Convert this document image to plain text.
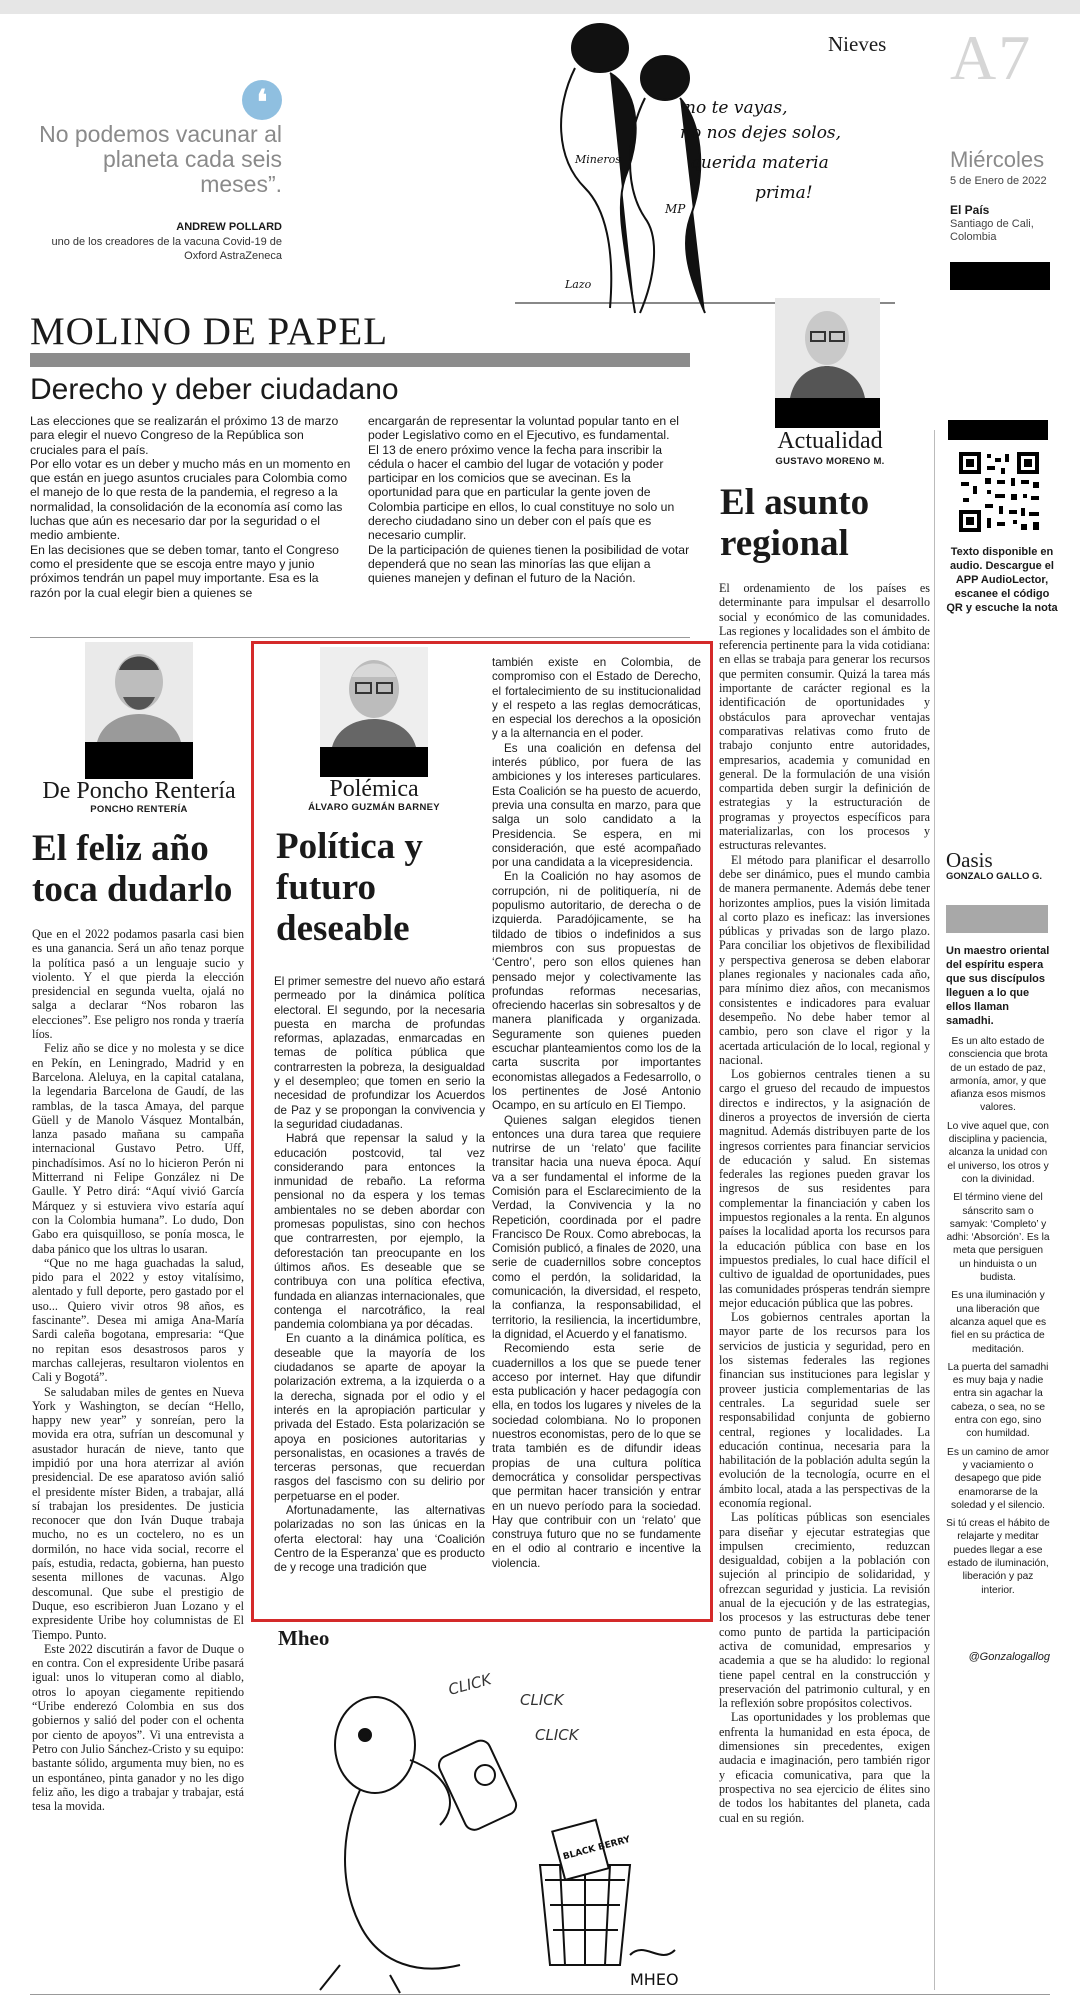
❛
No podemos vacunar al planeta cada seis meses”.
ANDREW POLLARD
uno de los creadores de la vacuna Covid-19 de Oxford AstraZeneca
Mineros
MP
Lazo
no te vayas,
no nos dejes solos,
querida materia
prima!
Nieves A7
Miércoles
5 de Enero de 2022
El País
Santiago de Cali, Colombia
MOLINO DE PAPEL
Derecho y deber ciudadano

Las elecciones que se realizarán el próximo 13 de marzo para elegir el nuevo Congreso de la República son cruciales para el país.

Por ello votar es un deber y mucho más en un momento en que están en juego asuntos cruciales para Colombia como el manejo de lo que resta de la pandemia, el regreso a la normalidad, la consolidación de la economía así como las luchas que aún es necesario dar por la seguridad o el medio ambiente.

En las decisiones que se deben tomar, tanto el Congreso como el presidente que se escoja entre mayo y junio próximos tendrán un papel muy importante. Esa es la razón por la cual elegir bien a quienes se

encargarán de representar la voluntad popular tanto en el poder Legislativo como en el Ejecutivo, es fundamental.

El 13 de enero próximo vence la fecha para inscribir la cédula o hacer el cambio del lugar de votación y poder participar en los comicios que se avecinan. Es la oportunidad para que en particular la gente joven de Colombia participe en ellos, lo cual constituye no solo un derecho ciudadano sino un deber con el país que es necesario cumplir.

De la participación de quienes tienen la posibilidad de votar dependerá que no sean las minorías las que elijan a quienes manejen y definan el futuro de la Nación.

Actualidad
GUSTAVO MORENO M.
El asunto regional

El ordenamiento de los países es determinante para impulsar el desarrollo social y económico de las comunidades. Las regiones y localidades son el ámbito de referencia pertinente para la vida cotidiana: en ellas se trabaja para generar los recursos que permiten consumir. Quizá la tarea más importante de carácter regional es la identificación de oportunidades y obstáculos para aprovechar ventajas comparativas relativas como fruto de trabajo conjunto entre autoridades, empresarios, academia y comunidad en general. De la formulación de una visión compartida deben surgir la definición de estrategias y la estructuración de programas y proyectos específicos para materializarlas, con los procesos y estructuras relevantes.

El método para planificar el desarrollo debe ser dinámico, pues el mundo cambia de manera permanente. Además debe tener horizontes amplios, pues la visión limitada al corto plazo es ineficaz: las inversiones públicas y privadas son de largo plazo. Para conciliar los objetivos de flexibilidad y perspectiva generosa se deben elaborar planes regionales y nacionales cada año, para mínimo diez años, con mecanismos consistentes e indicadores para evaluar desempeño. No debe haber temor al cambio, pero son clave el rigor y la acertada articulación de lo local, regional y nacional.

Los gobiernos centrales tienen a su cargo el grueso del recaudo de impuestos directos e indirectos, y la asignación de dineros a proyectos de inversión de cierta magnitud. Además distribuyen parte de los ingresos corrientes para financiar servicios de educación y salud. En sistemas federales las regiones pueden gravar los ingresos de sus residentes para complementar la financiación y caben los impuestos regionales a la renta. En algunos países la localidad aporta los recursos para la educación pública con base en los impuestos prediales, lo cual hace difícil el cultivo de igualdad de oportunidades, pues las comunidades prósperas tendrán siempre mejor educación pública que las pobres.

Los gobiernos centrales aportan la mayor parte de los recursos para los servicios de justicia y seguridad, pero en los sistemas federales las regiones financian sus instituciones para legislar y proveer justicia complementarias de las centrales. La seguridad suele ser responsabilidad conjunta de gobierno central, regiones y localidades. La educación continua, necesaria para la habilitación de la población adulta según la evolución de la tecnología, ocurre en el ámbito local, atada a las perspectivas de la economía regional.

Las políticas públicas son esenciales para diseñar y ejecutar estrategias que impulsen crecimiento, reduzcan desigualdad, cobijen a la población con sujeción al principio de solidaridad, y ofrezcan seguridad y justicia. La revisión anual de la ejecución y de las estrategias, los procesos y las estructuras debe tener como punto de partida la participación activa de comunidad, empresarios y academia a que se ha aludido: lo regional tiene papel central en la construcción y preservación del patrimonio cultural, y en la reflexión sobre propósitos colectivos.

Las oportunidades y los problemas que enfrenta la humanidad en esta época, de dimensiones sin precedentes, exigen audacia e imaginación, pero también rigor y eficacia comunicativa, para que la prospectiva no sea ejercicio de élites sino de todos los habitantes del planeta, cada cual en su región.

Texto disponible en audio. Descargue el APP AudioLector, escanee el código QR y escuche la nota
Oasis
GONZALO GALLO G.
Un maestro oriental del espíritu espera que sus discípulos lleguen a lo que ellos llaman samadhi.

Es un alto estado de consciencia que brota de un estado de paz, armonía, amor, y que afianza esos mismos valores.

Lo vive aquel que, con disciplina y paciencia, alcanza la unidad con el universo, los otros y con la divinidad.

El término viene del sánscrito sam o samyak: ‘Completo’ y adhi: ‘Absorción’. Es la meta que persiguen un hinduista o un budista.

Es una iluminación y una liberación que alcanza aquel que es fiel en su práctica de meditación.

La puerta del samadhi es muy baja y nadie entra sin agachar la cabeza, o sea, no se entra con ego, sino con humildad.

Es un camino de amor y vaciamiento o desapego que pide enamorarse de la soledad y el silencio.

Si tú creas el hábito de relajarte y meditar puedes llegar a ese estado de iluminación, liberación y paz interior.

@Gonzalogallog
De Poncho Rentería
PONCHO RENTERÍA
El feliz año toca dudarlo

Que en el 2022 podamos pasarla casi bien es una ganancia. Será un año tenaz porque la política pasó a un lenguaje sucio y violento. Y el que pierda la elección presidencial en segunda vuelta, ojalá no salga a declarar “Nos robaron las elecciones”. Ese peligro nos ronda y traería líos.

Feliz año se dice y no molesta y se dice en Pekín, en Leningrado, Madrid y en Barcelona. Aleluya, en la capital catalana, la legendaria Barcelona de Gaudí, de las ramblas, de la tasca Amaya, del parque Güell y de Manolo Vásquez Montalbán, lanza pasado mañana su campaña internacional Gustavo Petro. Uff, pinchadísimos. Así no lo hicieron Perón ni Mitterrand ni Felipe González ni De Gaulle. Y Petro dirá: “Aquí vivió García Márquez y si estuviera vivo estaría aquí con la Colombia humana”. Lo dudo, Don Gabo era quisquilloso, se ponía mosca, le daba pánico que los ultras lo usaran.

“Que no me haga guachadas la salud, pido para el 2022 y estoy vitalísimo, alentado y full deporte, pero gastado por el uso... Quiero vivir otros 98 años, es fascinante”. Desea mi amiga Ana-María Sardi caleña bogotana, empresaria: “Que no repitan esos desastrosos paros y marchas callejeras, resultaron violentos en Cali y Bogotá”.

Se saludaban miles de gentes en Nueva York y Washington, se decían “Hello, happy new year” y sonreían, pero la movida era otra, sufrían un descomunal y asustador huracán de nieve, tanto que impidió por una hora aterrizar al avión presidencial. De ese aparatoso avión salió el presidente míster Biden, a trabajar, allá sí trabajan los presidentes. De justicia reconocer que don Iván Duque trabaja mucho, no es un coctelero, no es un dormilón, no hace vida social, recorre el país, estudia, redacta, gobierna, han puesto sesenta millones de vacunas. Algo descomunal. Que sube el prestigio de Duque, eso escribieron Juan Lozano y el expresidente Uribe hoy columnistas de El Tiempo. Punto.

Este 2022 discutirán a favor de Duque o en contra. Con el expresidente Uribe pasará igual: unos lo vituperan como al diablo, otros lo apoyan ciegamente repitiendo “Uribe enderezó Colombia en sus dos gobiernos y salió del poder con el ochenta por ciento de apoyos”. Vi una entrevista a Petro con Julio Sánchez-Cristo y su equipo: bastante sólido, argumenta muy bien, no es un espontáneo, pinta ganador y no les digo feliz año, les digo a trabajar y trabajar, está tesa la movida.

Polémica
ÁLVARO GUZMÁN BARNEY
Política y futuro deseable

El primer semestre del nuevo año estará permeado por la dinámica política electoral. El segundo, por la necesaria puesta en marcha de profundas reformas, aplazadas, enmarcadas en temas de política pública que contrarresten la pobreza, la desigualdad y el desempleo; que tomen en serio la necesidad de profundizar los Acuerdos de Paz y se propongan la convivencia y la seguridad ciudadanas.

Habrá que repensar la salud y la educación postcovid, tal vez considerando para entonces la inmunidad de rebaño. La reforma pensional no da espera y los temas ambientales no se deben abordar con promesas populistas, sino con hechos que contrarresten, por ejemplo, la deforestación tan preocupante en los últimos años. Es deseable que se contribuya con una política efectiva, fundada en alianzas internacionales, que contenga el narcotráfico, la real pandemia colombiana ya por décadas.

En cuanto a la dinámica política, es deseable que la mayoría de los ciudadanos se aparte de apoyar la polarización extrema, a la izquierda o a la derecha, signada por el odio y el interés en la apropiación particular y privada del Estado. Esta polarización se apoya en posiciones autoritarias y personalistas, en ocasiones a través de terceras personas, que recuerdan rasgos del fascismo con su delirio por perpetuarse en el poder.

Afortunadamente, las alternativas polarizadas no son las únicas en la oferta electoral: hay una ‘Coalición Centro de la Esperanza’ que es producto de y recoge una tradición que

también existe en Colombia, de compromiso con el Estado de Derecho, el fortalecimiento de su institucionalidad y el respeto a las reglas democráticas, en especial los derechos a la oposición y a la alternancia en el poder.

Es una coalición en defensa del interés público, por fuera de las ambiciones y los intereses particulares. Esta Coalición se ha puesto de acuerdo, previa una consulta en marzo, para que salga un solo candidato a la Presidencia. Se espera, en mi consideración, que esté acompañado por una candidata a la vicepresidencia.

En la Coalición no hay asomos de corrupción, ni de politiquería, ni de populismo autoritario, de derecha o de izquierda. Paradójicamente, se ha tildado de tibios o indefinidos a sus miembros con sus propuestas de ‘Centro’, pero son ellos quienes han pensado mejor y colectivamente las profundas reformas necesarias, ofreciendo hacerlas sin sobresaltos y de manera planificada y organizada. Seguramente son quienes pueden escuchar planteamientos como los de la carta suscrita por importantes economistas allegados a Fedesarrollo, o los pertinentes de José Antonio Ocampo, en su artículo en El Tiempo.

Quienes salgan elegidos tienen entonces una dura tarea que requiere nutrirse de un ‘relato’ que facilite transitar hacia una nueva época. Aquí va a ser fundamental el informe de la Comisión para el Esclarecimiento de la Verdad, la Convivencia y la no Repetición, coordinada por el padre Francisco De Roux. Como abrebocas, la Comisión publicó, a finales de 2020, una serie de cuadernillos sobre conceptos como el perdón, la solidaridad, la comunicación, la diversidad, el respeto, la confianza, la responsabilidad, el territorio, la resiliencia, la incertidumbre, la dignidad, el Acuerdo y el fanatismo.

Recomiendo esta serie de cuadernillos a los que se puede tener acceso por internet. Hay que difundir esta publicación y hacer pedagogía con ella, en todos los lugares y niveles de la sociedad colombiana. No lo proponen nuestros economistas, pero de lo que se trata también es de difundir ideas propias de una cultura política democrática y consolidar perspectivas que permitan hacer transición y entrar en un nuevo período para la sociedad. Hay que contribuir con un ‘relato’ que construya futuro que no se fundamente en el odio al contrario e incentive la violencia.

Mheo
CLICK
CLICK
CLICK
BLACK BERRY
MHEO
